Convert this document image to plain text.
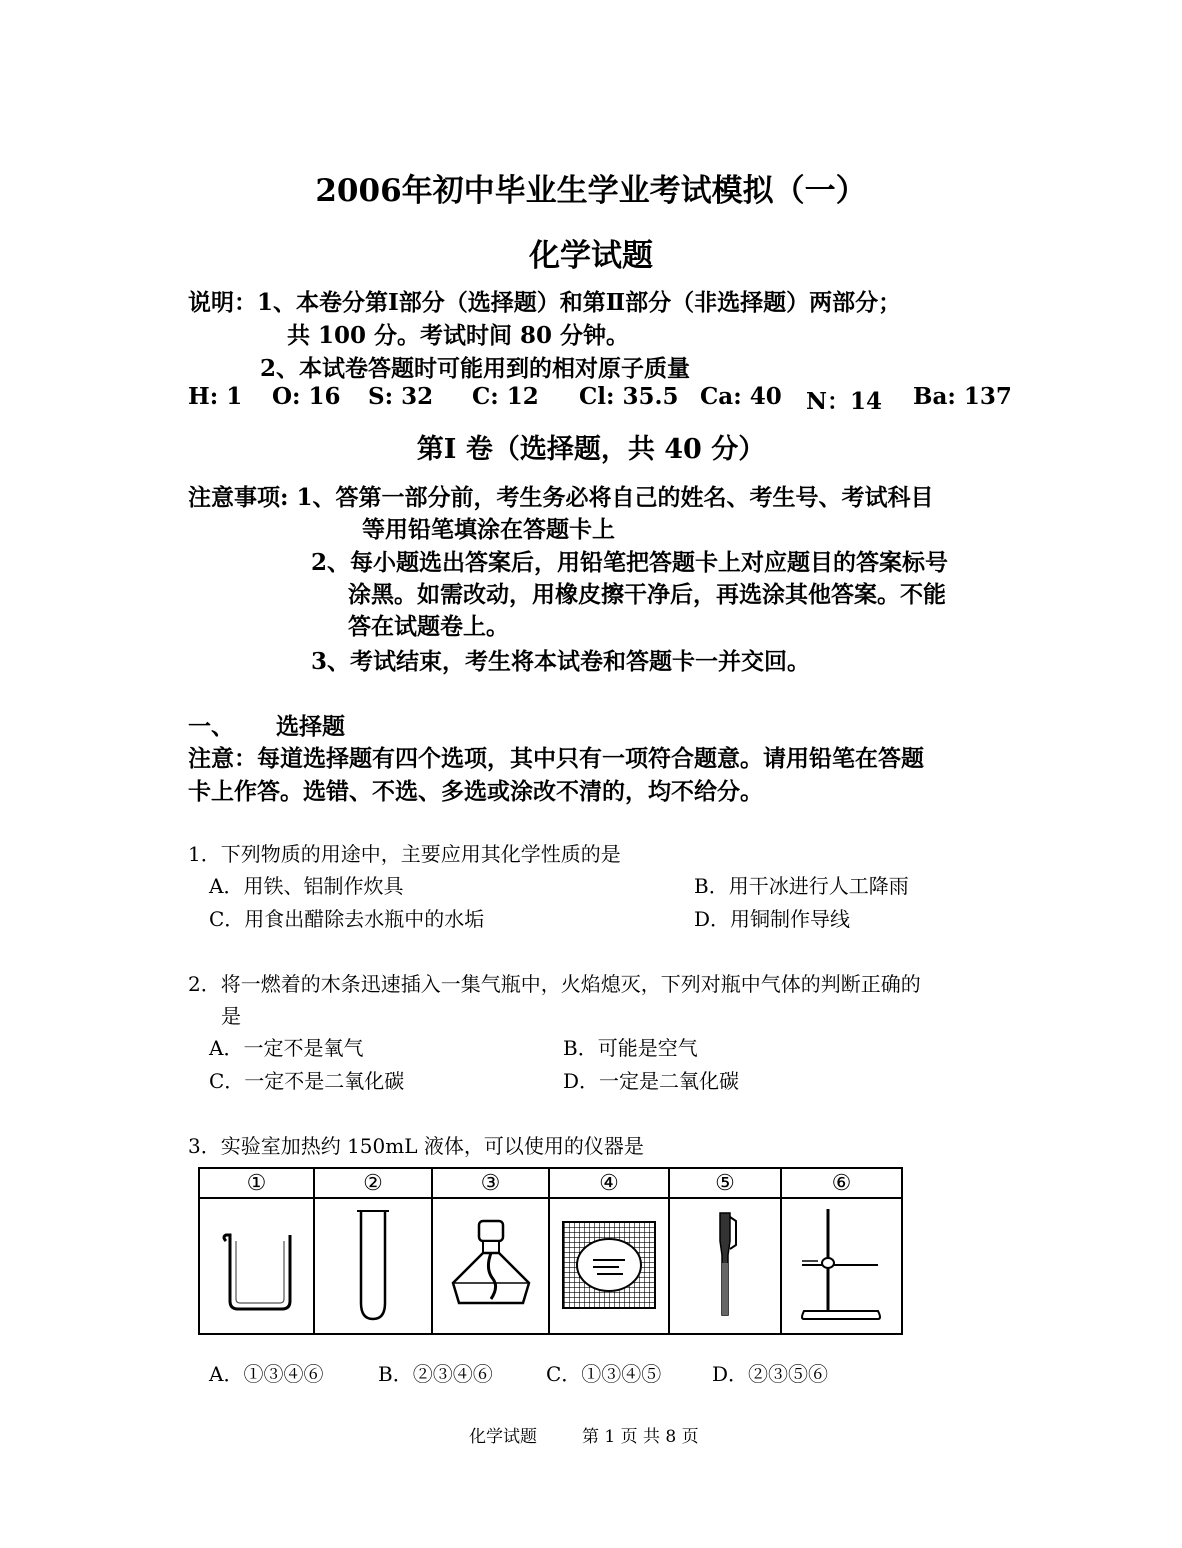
2006年初中毕业生学业考试模拟（一）
化学试题
说明：1、本卷分第Ⅰ部分（选择题）和第Ⅱ部分（非选择题）两部分；
共 100 分。考试时间 80 分钟。
2、本试卷答题时可能用到的相对原子质量
H: 1 O: 16 S: 32 C: 12 Cl: 35.5 Ca: 40 N：14 Ba: 137
第Ⅰ 卷（选择题，共 40 分）
注意事项: 1、答第一部分前，考生务必将自己的姓名、考生号、考试科目
等用铅笔填涂在答题卡上
2、每小题选出答案后，用铅笔把答题卡上对应题目的答案标号
涂黑。如需改动，用橡皮擦干净后，再选涂其他答案。不能
答在试题卷上。
3、考试结束，考生将本试卷和答题卡一并交回。
一、 选择题
注意：每道选择题有四个选项，其中只有一项符合题意。请用铅笔在答题
卡上作答。选错、不选、多选或涂改不清的，均不给分。
1．下列物质的用途中，主要应用其化学性质的是
A．用铁、铝制作炊具	B．用干冰进行人工降雨
C．用食出醋除去水瓶中的水垢	D．用铜制作导线
2．将一燃着的木条迅速插入一集气瓶中，火焰熄灭，下列对瓶中气体的判断正确的
是
A．一定不是氧气	B．可能是空气
C．一定不是二氧化碳	D．一定是二氧化碳
3．实验室加热约 150mL 液体，可以使用的仪器是
①	②	③	④	⑤	⑥

A．①③④⑥	B．②③④⑥	C．①③④⑤	D．②③⑤⑥
化学试题	第 1 页 共 8 页
